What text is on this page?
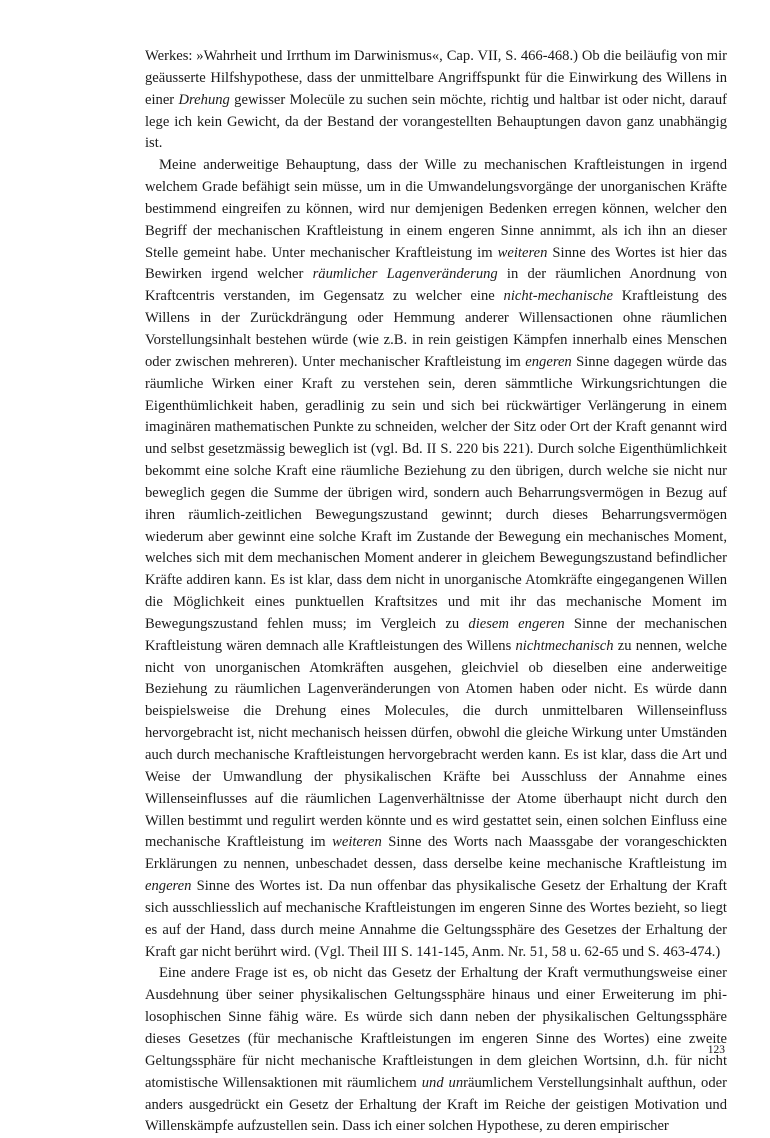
Werkes: »Wahrheit und Irrthum im Darwinismus«, Cap. VII, S. 466-468.) Ob die beiläufig von mir geäusserte Hilfshypothese, dass der unmittelbare Angriffspunkt für die Einwirkung des Willens in einer Drehung gewisser Molecüle zu suchen sein möchte, richtig und haltbar ist oder nicht, darauf lege ich kein Gewicht, da der Bestand der vorangestellten Behauptungen davon ganz unabhängig ist.

Meine anderweitige Behauptung, dass der Wille zu mechanischen Kraftleistungen in irgend welchem Grade befähigt sein müsse, um in die Umwandelungsvorgänge der unorganischen Kräfte bestimmend eingreifen zu können, wird nur demjenigen Bedenken erregen können, welcher den Begriff der mechanischen Kraftleistung in einem engeren Sinne annimmt, als ich ihn an dieser Stelle gemeint habe. Unter mechanischer Kraftleistung im weiteren Sinne des Wortes ist hier das Bewirken irgend welcher räumlicher Lagenveränderung in der räumlichen Anordnung von Kraftcentris verstanden, im Gegensatz zu welcher eine nicht-mechanische Kraftleistung des Willens in der Zurückdrängung oder Hemmung anderer Willensactionen ohne räumlichen Vorstellungsinhalt bestehen würde (wie z.B. in rein geistigen Kämpfen innerhalb eines Menschen oder zwischen mehreren). Unter mechanischer Kraftleistung im engeren Sinne dagegen würde das räumliche Wirken einer Kraft zu verstehen sein, deren sämmtliche Wirkungsrichtungen die Eigenthümlichkeit haben, geradlinig zu sein und sich bei rückwärtiger Verlängerung in einem imaginären mathematischen Punkte zu schneiden, welcher der Sitz oder Ort der Kraft genannt wird und selbst gesetzmässig beweglich ist (vgl. Bd. II S. 220 bis 221). Durch solche Eigenthümlichkeit bekommt eine solche Kraft eine räumliche Beziehung zu den übrigen, durch welche sie nicht nur beweglich gegen die Summe der übrigen wird, sondern auch Beharrungsvermögen in Bezug auf ihren räumlich-zeitlichen Bewegungszustand gewinnt; durch dieses Beharrungsvermögen wiederum aber gewinnt eine solche Kraft im Zustande der Bewegung ein mechanisches Moment, welches sich mit dem mechanischen Moment anderer in gleichem Bewegungszustand befindlicher Kräfte addiren kann. Es ist klar, dass dem nicht in unorganische Atomkräfte eingegangenen Willen die Möglichkeit eines punktuellen Kraftsitzes und mit ihr das mechanische Moment im Bewegungszustand fehlen muss; im Vergleich zu diesem engeren Sinne der mechanischen Kraftleistung wären demnach alle Kraftleistungen des Willens nichtmechanisch zu nennen, welche nicht von unorganischen Atomkräften ausgehen, gleichviel ob dieselben eine anderweitige Beziehung zu räumlichen Lagenveränderungen von Atomen haben oder nicht. Es würde dann beispielsweise die Drehung eines Molecules, die durch unmittelbaren Willenseinfluss hervorgebracht ist, nicht mechanisch heissen dürfen, obwohl die gleiche Wirkung unter Umständen auch durch mechanische Kraftleistungen hervorgebracht werden kann. Es ist klar, dass die Art und Weise der Umwandlung der physikalischen Kräfte bei Ausschluss der Annahme eines Willenseinflusses auf die räumlichen Lagenverhältnisse der Atome überhaupt nicht durch den Willen bestimmt und regulirt werden könnte und es wird gestattet sein, einen solchen Einfluss eine mechanische Kraftleistung im weiteren Sinne des Worts nach Maassgabe der vorangeschickten Erklärungen zu nennen, unbeschadet dessen, dass derselbe keine mechanische Kraftleistung im engeren Sinne des Wortes ist. Da nun offenbar das physikalische Gesetz der Erhaltung der Kraft sich ausschliesslich auf mechanische Kraftleistungen im engeren Sinne des Wortes bezieht, so liegt es auf der Hand, dass durch meine Annahme die Geltungssphäre des Gesetzes der Erhaltung der Kraft gar nicht berührt wird. (Vgl. Theil III S. 141-145, Anm. Nr. 51, 58 u. 62-65 und S. 463-474.)

Eine andere Frage ist es, ob nicht das Gesetz der Erhaltung der Kraft vermuthungsweise einer Ausdehnung über seiner physikalischen Geltungssphäre hinaus und einer Erweiterung im philosophischen Sinne fähig wäre. Es würde sich dann neben der physikalischen Geltungssphäre dieses Gesetzes (für mechanische Kraftleistungen im engeren Sinne des Wortes) eine zweite Geltungssphäre für nicht mechanische Kraftleistungen in dem gleichen Wortsinn, d.h. für nicht atomistische Willensaktionen mit räumlichem und unräumlichem Verstellungsinhalt aufthun, oder anders ausgedrückt ein Gesetz der Erhaltung der Kraft im Reiche der geistigen Motivation und Willenskämpfe aufzustellen sein. Dass ich einer solchen Hypothese, zu deren empirischer

123
